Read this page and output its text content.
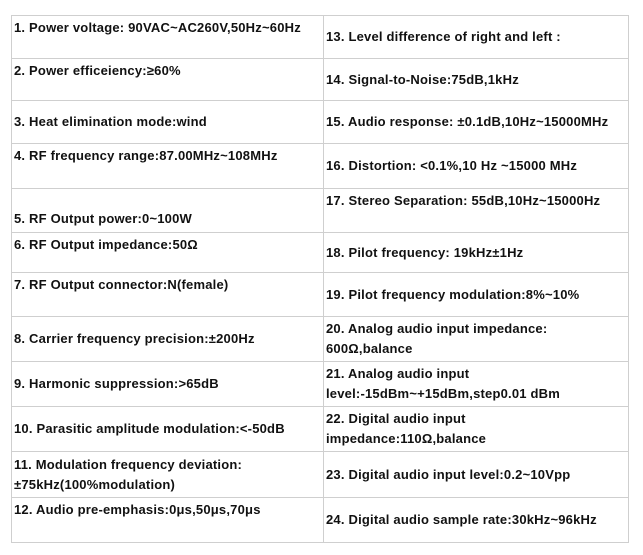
1. Power voltage: 90VAC~AC260V,50Hz~60Hz	13. Level difference of right and left :
2. Power efficeiency:≥60%	14. Signal-to-Noise:75dB,1kHz
3. Heat elimination mode:wind	15. Audio response: ±0.1dB,10Hz~15000MHz
4. RF frequency range:87.00MHz~108MHz	16. Distortion: <0.1%,10 Hz ~15000 MHz
5. RF Output power:0~100W	17. Stereo Separation: 55dB,10Hz~15000Hz
6. RF Output impedance:50Ω	18. Pilot frequency: 19kHz±1Hz
7. RF Output connector:N(female)	19. Pilot frequency modulation:8%~10%
8. Carrier frequency precision:±200Hz	20. Analog audio input impedance: 600Ω,balance
9. Harmonic suppression:>65dB	21. Analog audio input level:-15dBm~+15dBm,step0.01 dBm
10. Parasitic amplitude modulation:<-50dB	22. Digital audio input impedance:110Ω,balance
11. Modulation frequency deviation: ±75kHz(100%modulation)	23. Digital audio input level:0.2~10Vpp
12. Audio pre-emphasis:0μs,50μs,70μs	24. Digital audio sample rate:30kHz~96kHz
